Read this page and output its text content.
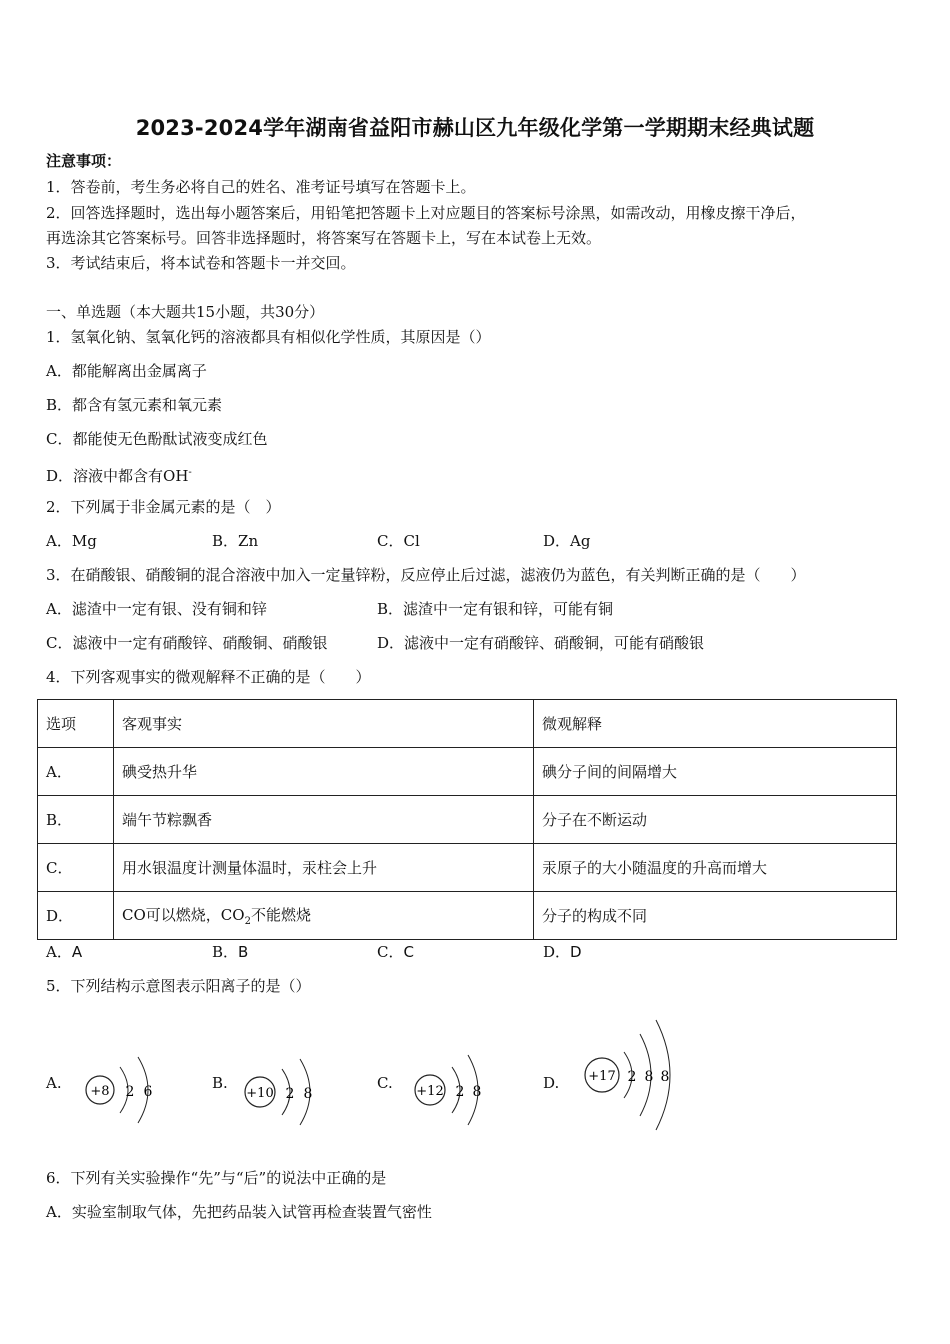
2023-2024学年湖南省益阳市赫山区九年级化学第一学期期末经典试题
注意事项：
1．答卷前，考生务必将自己的姓名、准考证号填写在答题卡上。
2．回答选择题时，选出每小题答案后，用铅笔把答题卡上对应题目的答案标号涂黑，如需改动，用橡皮擦干净后，
再选涂其它答案标号。回答非选择题时，将答案写在答题卡上，写在本试卷上无效。
3．考试结束后，将本试卷和答题卡一并交回。
一、单选题（本大题共15小题，共30分）
1．氢氧化钠、氢氧化钙的溶液都具有相似化学性质，其原因是（）
A．都能解离出金属离子
B．都含有氢元素和氧元素
C．都能使无色酚酞试液变成红色
D．溶液中都含有OH-
2．下列属于非金属元素的是（　）
A．Mg	B．Zn	C．Cl	D．Ag
3．在硝酸银、硝酸铜的混合溶液中加入一定量锌粉，反应停止后过滤，滤液仍为蓝色，有关判断正确的是（　　）
A．滤渣中一定有银、没有铜和锌	B．滤渣中一定有银和锌，可能有铜
C．滤液中一定有硝酸锌、硝酸铜、硝酸银	D．滤液中一定有硝酸锌、硝酸铜，可能有硝酸银
4．下列客观事实的微观解释不正确的是（　　）
选项	客观事实	微观解释
A．	碘受热升华	碘分子间的间隔增大
B．	端午节粽飘香	分子在不断运动
C．	用水银温度计测量体温时，汞柱会上升	汞原子的大小随温度的升高而增大
D．	CO可以燃烧，$CO_2$不能燃烧	分子的构成不同
A．A	B．B	C．C	D．D
5．下列结构示意图表示阳离子的是（）
A. +8 2 6	B.
+10 2 8
C. +12 2 8	D. +17 2 8 8
6．下列有关实验操作“先”与“后”的说法中正确的是
A．实验室制取气体，先把药品装入试管再检查装置气密性
